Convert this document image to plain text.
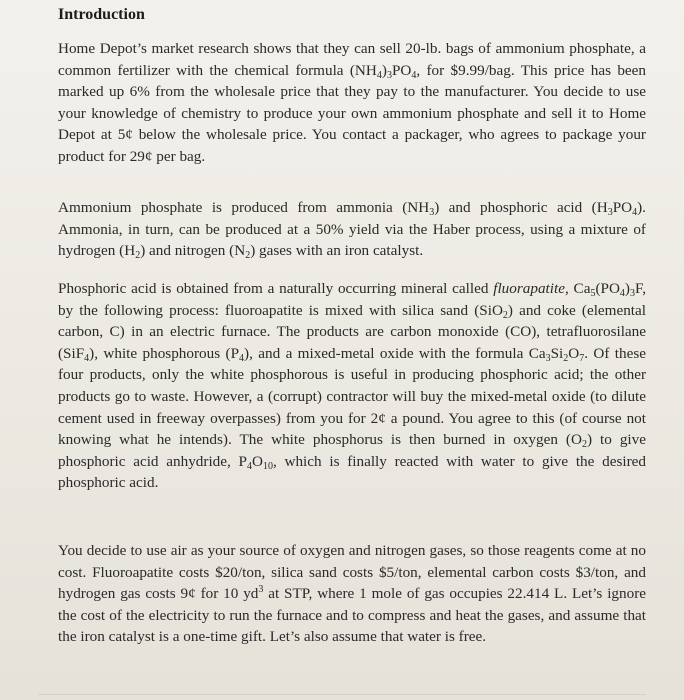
Introduction

Home Depot’s market research shows that they can sell 20-lb. bags of ammonium phosphate, a common fertilizer with the chemical formula $(NH_4)_3PO_4$, for $9.99/bag. This price has been marked up 6% from the wholesale price that they pay to the manufacturer. You decide to use your knowledge of chemistry to produce your own ammonium phosphate and sell it to Home Depot at 5¢ below the wholesale price. You contact a packager, who agrees to package your product for 29¢ per bag.

Ammonium phosphate is produced from ammonia $(NH_3)$ and phosphoric acid $(H_3PO_4)$. Ammonia, in turn, can be produced at a 50% yield via the Haber process, using a mixture of hydrogen $(H_2)$ and nitrogen $(N_2)$ gases with an iron catalyst.

Phosphoric acid is obtained from a naturally occurring mineral called fluorapatite, $Ca_5(PO_4)_3F$, by the following process: fluoroapatite is mixed with silica sand (SiO$_2$) and coke (elemental carbon, C) in an electric furnace. The products are carbon monoxide (CO), tetrafluorosilane (SiF$_4$), white phosphorous $(P_4)$, and a mixed-metal oxide with the formula $Ca_3Si_2O_7$. Of these four products, only the white phosphorous is useful in producing phosphoric acid; the other products go to waste. However, a (corrupt) contractor will buy the mixed-metal oxide (to dilute cement used in freeway overpasses) from you for 2¢ a pound. You agree to this (of course not knowing what he intends). The white phosphorus is then burned in oxygen $(O_2)$ to give phosphoric acid anhydride, $P_4O_{10}$, which is finally reacted with water to give the desired phosphoric acid.

You decide to use air as your source of oxygen and nitrogen gases, so those reagents come at no cost. Fluoroapatite costs $20/ton, silica sand costs $5/ton, elemental carbon costs $3/ton, and hydrogen gas costs 9¢ for 10 $yd^3$ at STP, where 1 mole of gas occupies 22.414 L. Let’s ignore the cost of the electricity to run the furnace and to compress and heat the gases, and assume that the iron catalyst is a one-time gift. Let’s also assume that water is free.
